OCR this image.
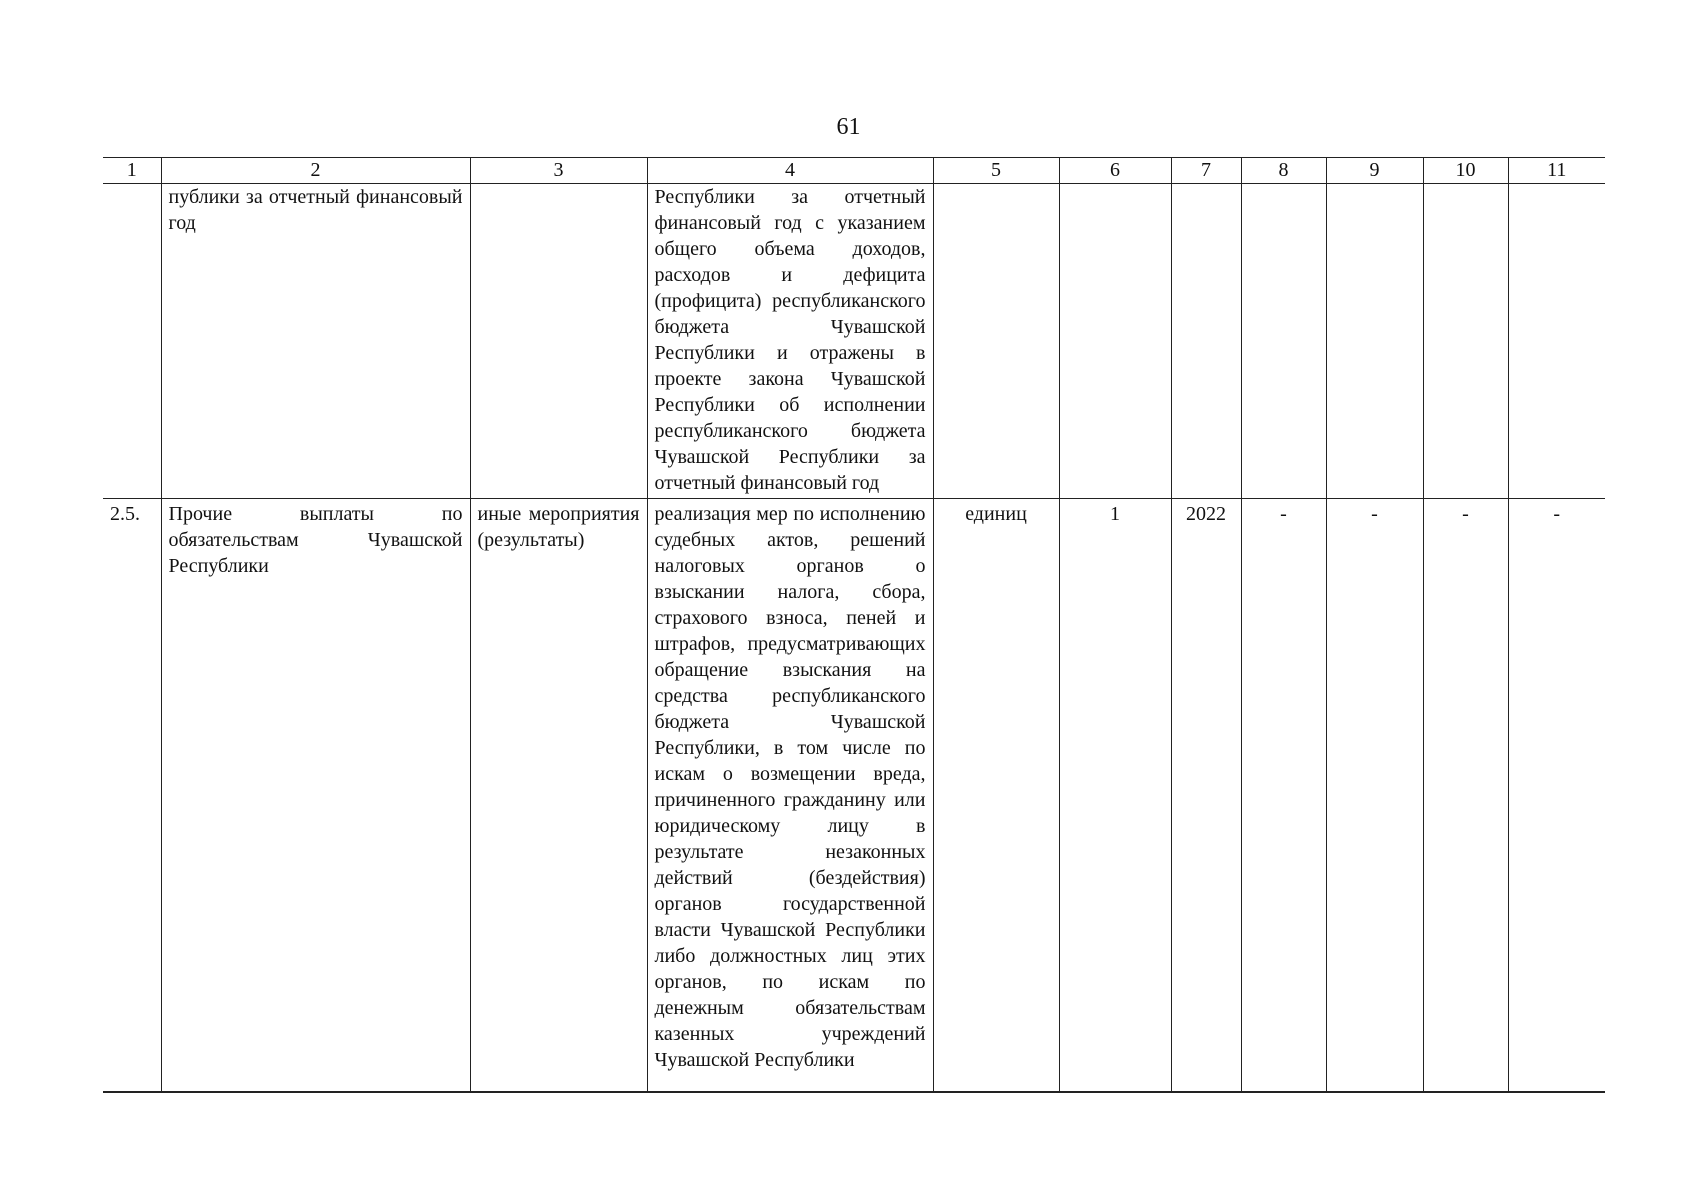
61
1	2	3	4	5	6	7	8	9	10	11
	публики за отчетный финансовый год		Республики за отчетный финансовый год с указанием общего объема доходов, расходов и дефицита (профицита) республиканского бюджета Чувашской Республики и отражены в проекте закона Чувашской Республики об исполнении республиканского бюджета Чувашской Республики за отчетный финансовый год							
2.5.	Прочие выплаты по обязательствам Чувашской Республики	иные мероприятия (результаты)	реализация мер по исполнению судебных актов, решений налоговых органов о взыскании налога, сбора, страхового взноса, пеней и штрафов, предусматривающих обращение взыскания на средства республиканского бюджета Чувашской Республики, в том числе по искам о возмещении вреда, причиненного гражданину или юридическому лицу в результате незаконных действий (бездействия) органов государственной власти Чувашской Республики либо должностных лиц этих органов, по искам по денежным обязательствам казенных учреждений Чувашской Республики	единиц	1	2022	-	-	-	-
